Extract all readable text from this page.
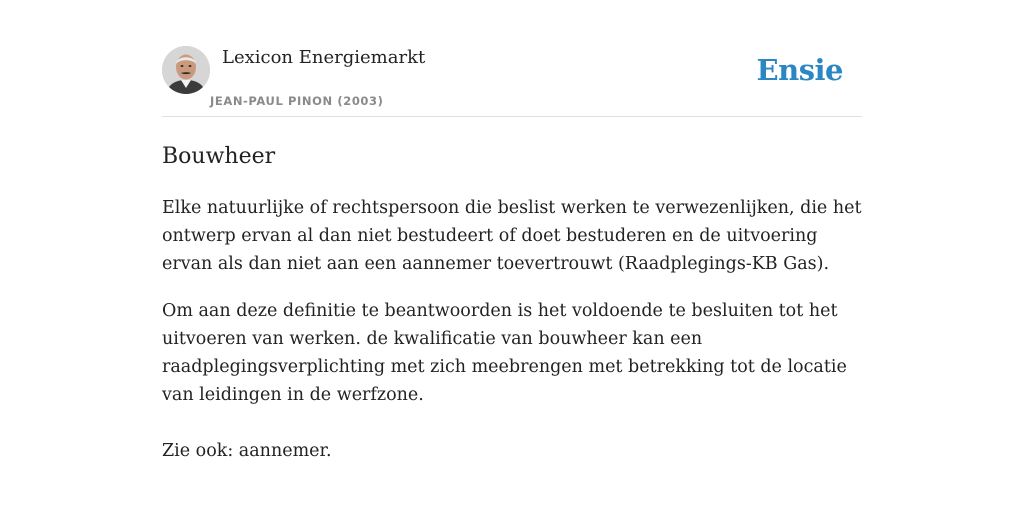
Lexicon Energiemarkt
JEAN-PAUL PINON (2003)
Ensie
Bouwheer

Elke natuurlijke of rechtspersoon die beslist werken te verwezenlijken, die het ontwerp ervan al dan niet bestudeert of doet bestuderen en de uitvoering ervan als dan niet aan een aannemer toevertrouwt (Raadplegings-KB Gas).

Om aan deze definitie te beantwoorden is het voldoende te besluiten tot het uitvoeren van werken. de kwalificatie van bouwheer kan een raadplegingsverplichting met zich meebrengen met betrekking tot de locatie van leidingen in de werfzone.

Zie ook: aannemer.
